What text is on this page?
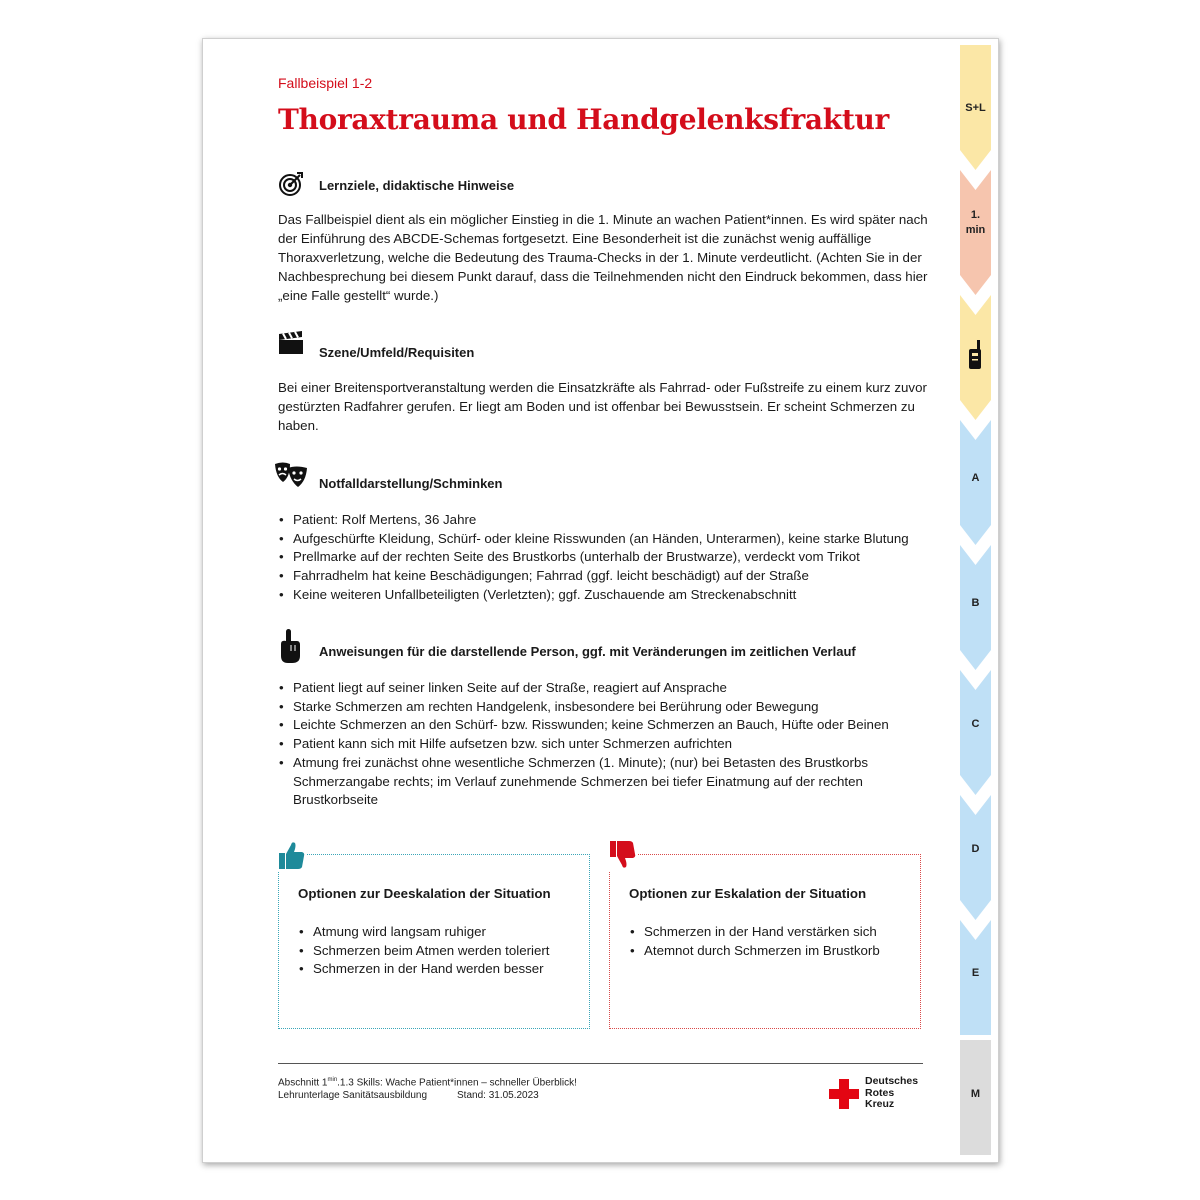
Fallbeispiel 1-2
Thoraxtrauma und Handgelenksfraktur
Lernziele, didaktische Hinweise
Das Fallbeispiel dient als ein möglicher Einstieg in die 1. Minute an wachen Patient*innen. Es wird später nach der Einführung des ABCDE-Schemas fortgesetzt. Eine Besonderheit ist die zunächst wenig auffällige Thoraxverletzung, welche die Bedeutung des Trauma-Checks in der 1. Minute verdeutlicht. (Achten Sie in der Nachbesprechung bei diesem Punkt darauf, dass die Teilnehmenden nicht den Eindruck bekommen, dass hier „eine Falle gestellt“ wurde.)
Szene/Umfeld/Requisiten
Bei einer Breitensportveranstaltung werden die Einsatzkräfte als Fahrrad- oder Fußstreife zu einem kurz zuvor gestürzten Radfahrer gerufen. Er liegt am Boden und ist offenbar bei Bewusstsein. Er scheint Schmerzen zu haben.
Notfalldarstellung/Schminken
• Patient: Rolf Mertens, 36 Jahre
• Aufgeschürfte Kleidung, Schürf- oder kleine Risswunden (an Händen, Unterarmen), keine starke Blutung
• Prellmarke auf der rechten Seite des Brustkorbs (unterhalb der Brustwarze), verdeckt vom Trikot
• Fahrradhelm hat keine Beschädigungen; Fahrrad (ggf. leicht beschädigt) auf der Straße
• Keine weiteren Unfallbeteiligten (Verletzten); ggf. Zuschauende am Streckenabschnitt
Anweisungen für die darstellende Person, ggf. mit Veränderungen im zeitlichen Verlauf
• Patient liegt auf seiner linken Seite auf der Straße, reagiert auf Ansprache
• Starke Schmerzen am rechten Handgelenk, insbesondere bei Berührung oder Bewegung
• Leichte Schmerzen an den Schürf- bzw. Risswunden; keine Schmerzen an Bauch, Hüfte oder Beinen
• Patient kann sich mit Hilfe aufsetzen bzw. sich unter Schmerzen aufrichten
• Atmung frei zunächst ohne wesentliche Schmerzen (1. Minute); (nur) bei Betasten des Brustkorbs Schmerzangabe rechts; im Verlauf zunehmende Schmerzen bei tiefer Einatmung auf der rechten Brustkorbseite
Optionen zur Deeskalation der Situation
• Atmung wird langsam ruhiger
• Schmerzen beim Atmen werden toleriert
• Schmerzen in der Hand werden besser
Optionen zur Eskalation der Situation
• Schmerzen in der Hand verstärken sich
• Atemnot durch Schmerzen im Brustkorb
Abschnitt $1^{min}.1.3$ Skills: Wache Patient*innen – schneller Überblick!
Lehrunterlage Sanitätsausbildung	Stand: 31.05.2023
Deutsches
Rotes
Kreuz
S+L
1.
min
A
B
C
D
E
M
